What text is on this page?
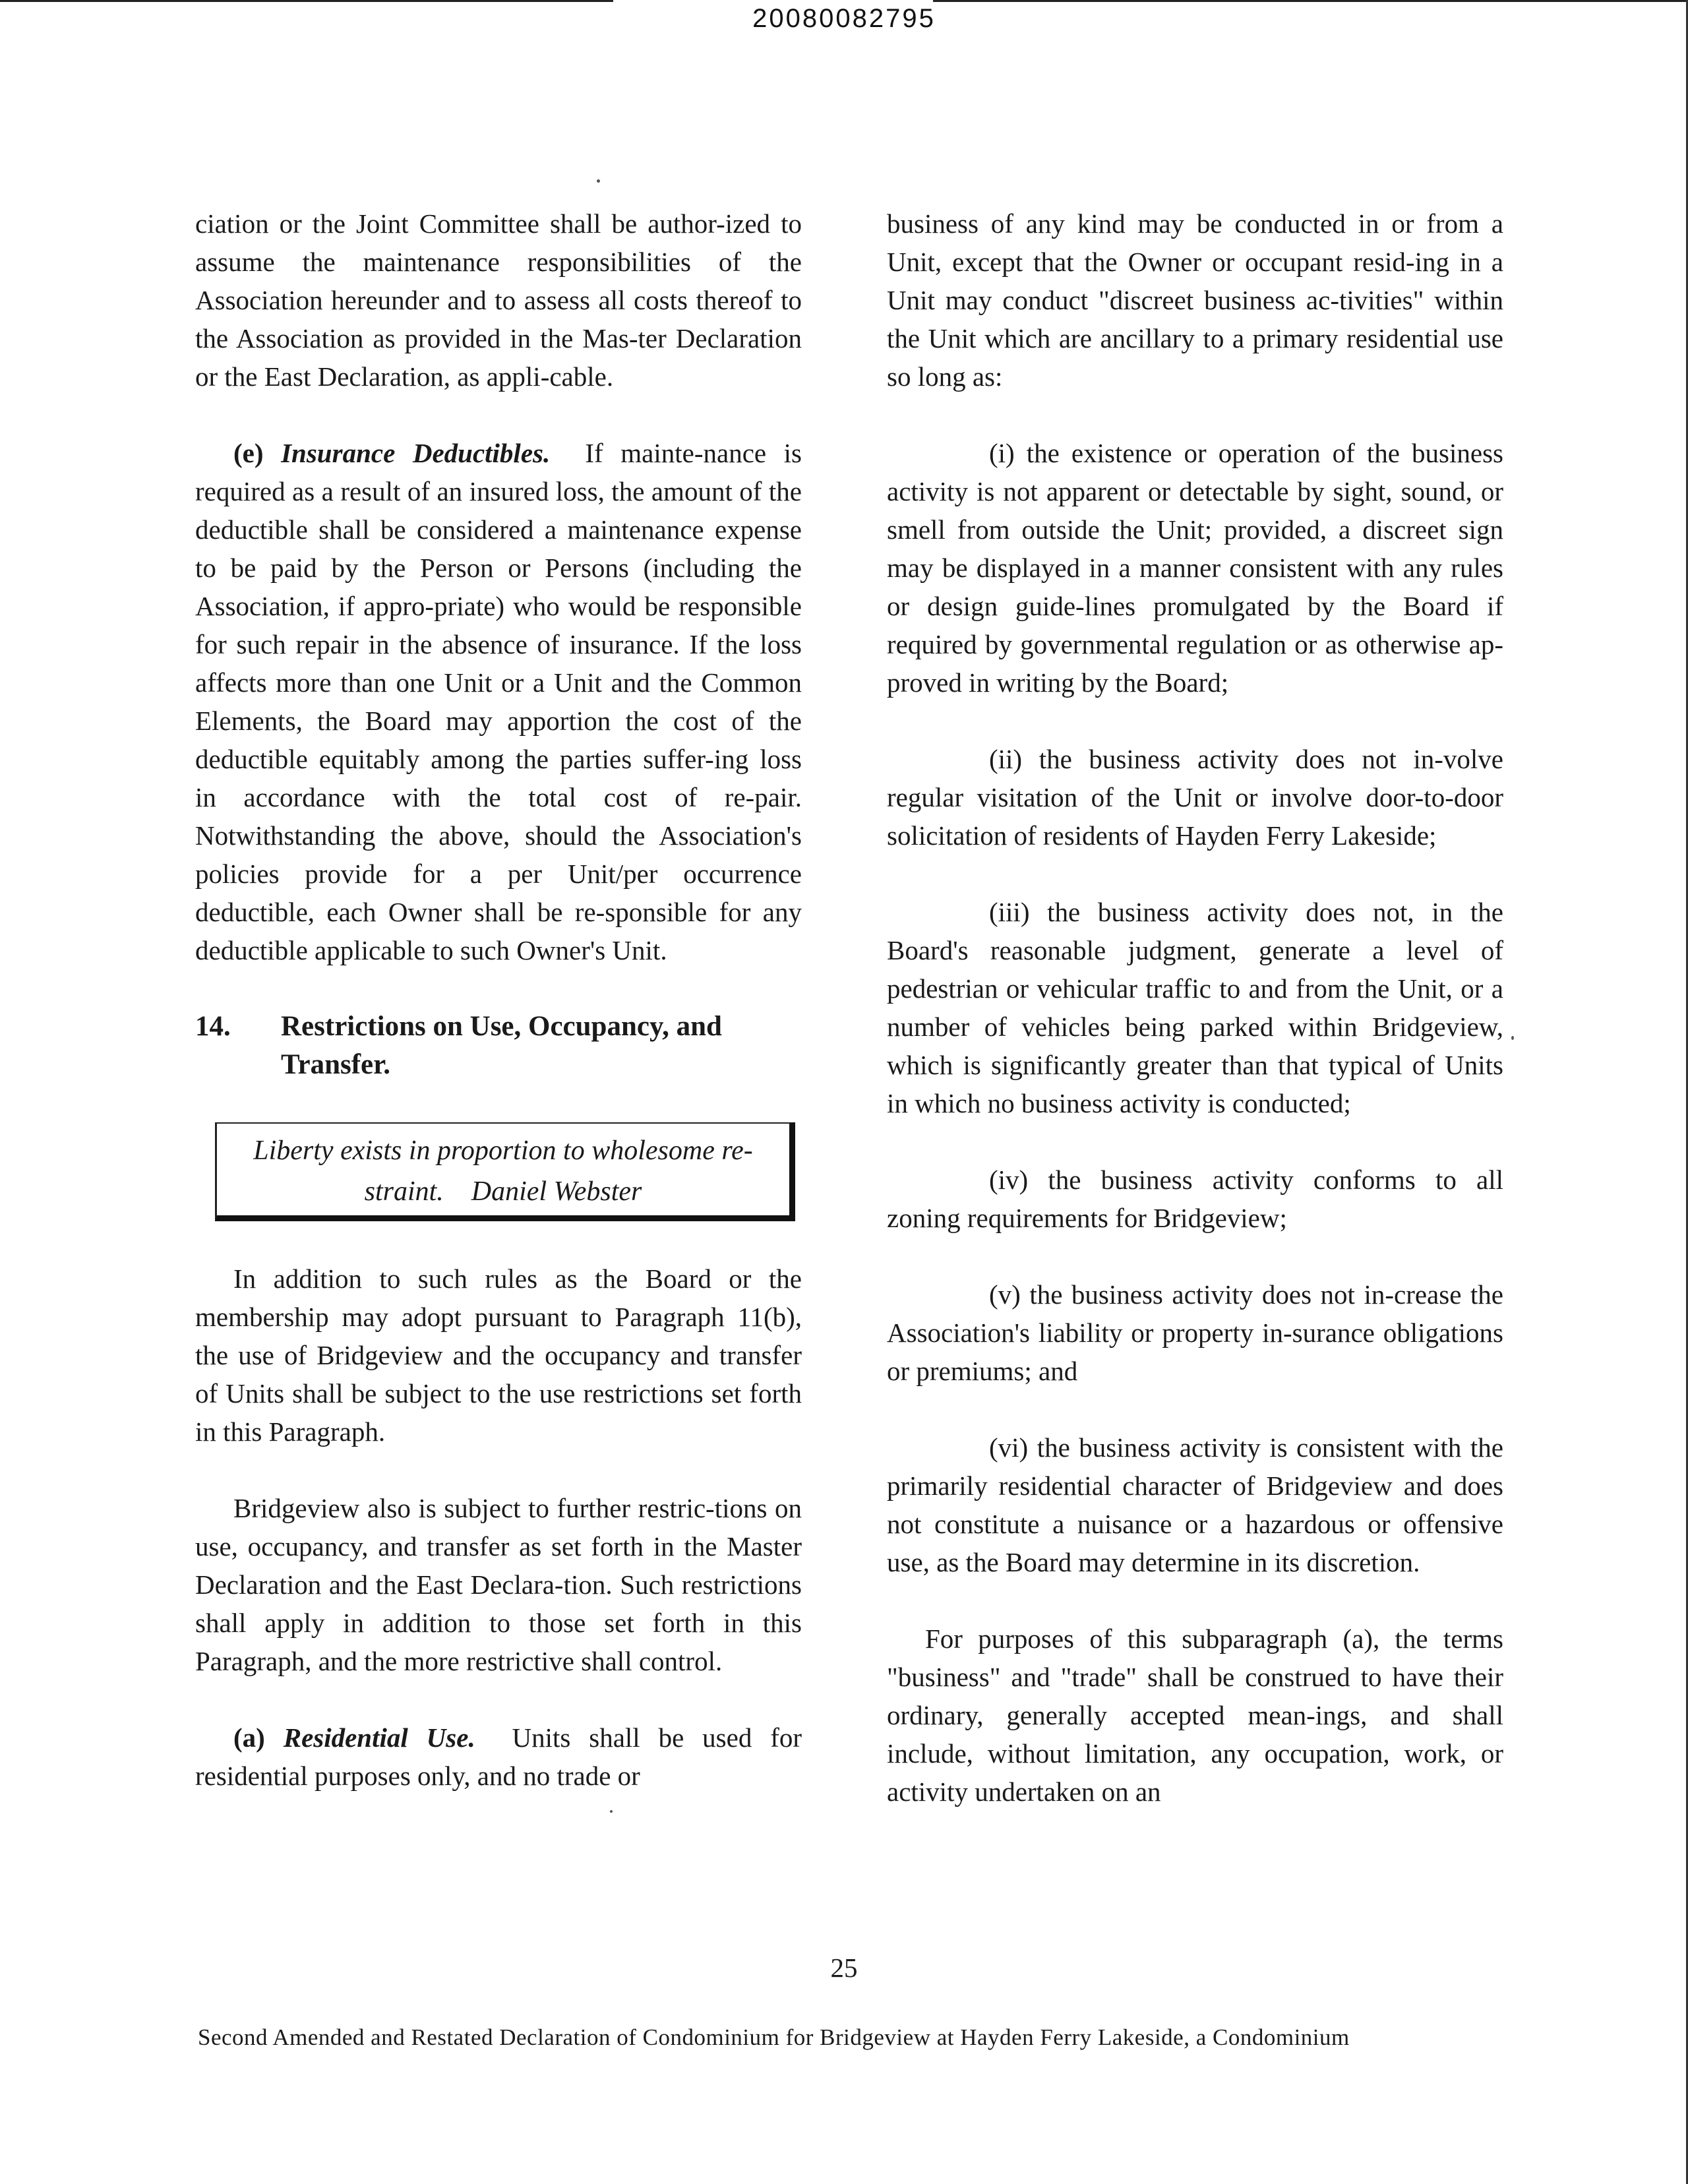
20080082795

ciation or the Joint Committee shall be author-ized to assume the maintenance responsibilities of the Association hereunder and to assess all costs thereof to the Association as provided in the Mas-ter Declaration or the East Declaration, as appli-cable.

(e) Insurance Deductibles. If mainte-nance is required as a result of an insured loss, the amount of the deductible shall be considered a maintenance expense to be paid by the Person or Persons (including the Association, if appro-priate) who would be responsible for such repair in the absence of insurance. If the loss affects more than one Unit or a Unit and the Common Elements, the Board may apportion the cost of the deductible equitably among the parties suffer-ing loss in accordance with the total cost of re-pair. Notwithstanding the above, should the Association's policies provide for a per Unit/per occurrence deductible, each Owner shall be re-sponsible for any deductible applicable to such Owner's Unit.

14.	Restrictions on Use, Occupancy, and Transfer.
Liberty exists in proportion to wholesome re-straint. Daniel Webster

In addition to such rules as the Board or the membership may adopt pursuant to Paragraph 11(b), the use of Bridgeview and the occupancy and transfer of Units shall be subject to the use restrictions set forth in this Paragraph.

Bridgeview also is subject to further restric-tions on use, occupancy, and transfer as set forth in the Master Declaration and the East Declara-tion. Such restrictions shall apply in addition to those set forth in this Paragraph, and the more restrictive shall control.

(a) Residential Use. Units shall be used for residential purposes only, and no trade or

business of any kind may be conducted in or from a Unit, except that the Owner or occupant resid-ing in a Unit may conduct "discreet business ac-tivities" within the Unit which are ancillary to a primary residential use so long as:

(i) the existence or operation of the business activity is not apparent or detectable by sight, sound, or smell from outside the Unit; provided, a discreet sign may be displayed in a manner consistent with any rules or design guide-lines promulgated by the Board if required by governmental regulation or as otherwise ap-proved in writing by the Board;

(ii) the business activity does not in-volve regular visitation of the Unit or involve door-to-door solicitation of residents of Hayden Ferry Lakeside;

(iii) the business activity does not, in the Board's reasonable judgment, generate a level of pedestrian or vehicular traffic to and from the Unit, or a number of vehicles being parked within Bridgeview, which is significantly greater than that typical of Units in which no business activity is conducted;

(iv) the business activity conforms to all zoning requirements for Bridgeview;

(v) the business activity does not in-crease the Association's liability or property in-surance obligations or premiums; and

(vi) the business activity is consistent with the primarily residential character of Bridgeview and does not constitute a nuisance or a hazardous or offensive use, as the Board may determine in its discretion.

For purposes of this subparagraph (a), the terms "business" and "trade" shall be construed to have their ordinary, generally accepted mean-ings, and shall include, without limitation, any occupation, work, or activity undertaken on an

25
Second Amended and Restated Declaration of Condominium for Bridgeview at Hayden Ferry Lakeside, a Condominium
